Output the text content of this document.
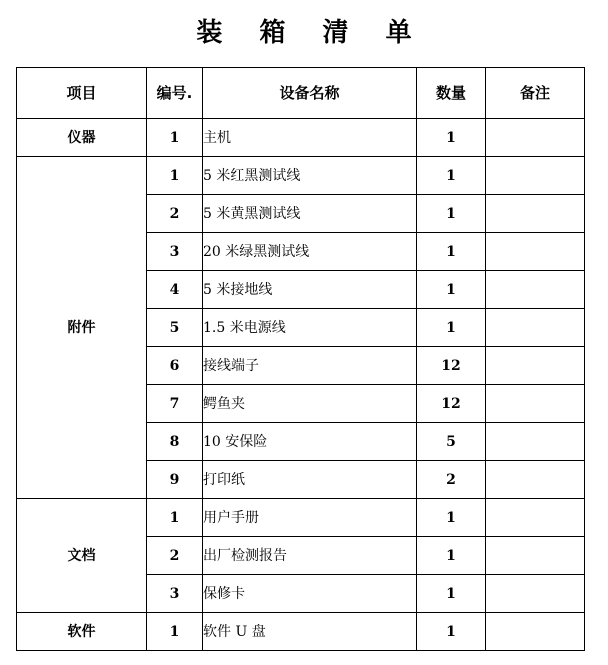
装 箱 清 单
项目	编号.	设备名称	数量	备注
仪器	1	主机	1	
附件	1	5 米红黑测试线	1	
	2	5 米黄黑测试线	1	
	3	20 米绿黑测试线	1	
	4	5 米接地线	1	
	5	1.5 米电源线	1	
	6	接线端子	12	
	7	鳄鱼夹	12	
	8	10 安保险	5	
	9	打印纸	2	
文档	1	用户手册	1	
	2	出厂检测报告	1	
	3	保修卡	1	
软件	1	软件 U 盘	1	
